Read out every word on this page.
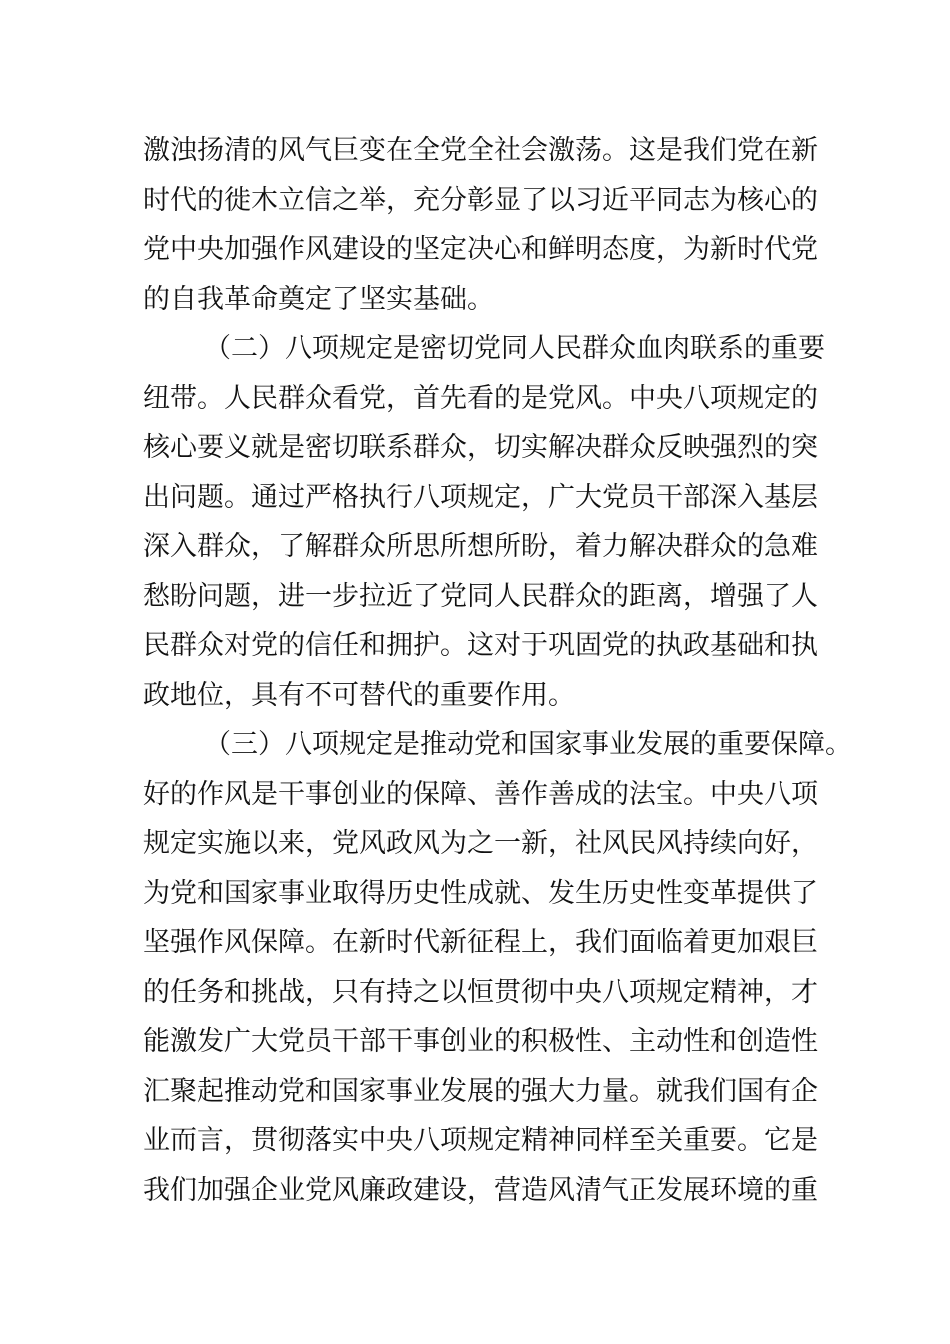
激浊扬清的风气巨变在全党全社会激荡。这是我们党在新
时代的徙木立信之举，充分彰显了以习近平同志为核心的
党中央加强作风建设的坚定决心和鲜明态度，为新时代党
的自我革命奠定了坚实基础。
（二）八项规定是密切党同人民群众血肉联系的重要
纽带。人民群众看党，首先看的是党风。中央八项规定的
核心要义就是密切联系群众，切实解决群众反映强烈的突
出问题。通过严格执行八项规定，广大党员干部深入基层
深入群众，了解群众所思所想所盼，着力解决群众的急难
愁盼问题，进一步拉近了党同人民群众的距离，增强了人
民群众对党的信任和拥护。这对于巩固党的执政基础和执
政地位，具有不可替代的重要作用。
（三）八项规定是推动党和国家事业发展的重要保障。
好的作风是干事创业的保障、善作善成的法宝。中央八项
规定实施以来，党风政风为之一新，社风民风持续向好，
为党和国家事业取得历史性成就、发生历史性变革提供了
坚强作风保障。在新时代新征程上，我们面临着更加艰巨
的任务和挑战，只有持之以恒贯彻中央八项规定精神，才
能激发广大党员干部干事创业的积极性、主动性和创造性
汇聚起推动党和国家事业发展的强大力量。就我们国有企
业而言，贯彻落实中央八项规定精神同样至关重要。它是
我们加强企业党风廉政建设，营造风清气正发展环境的重
